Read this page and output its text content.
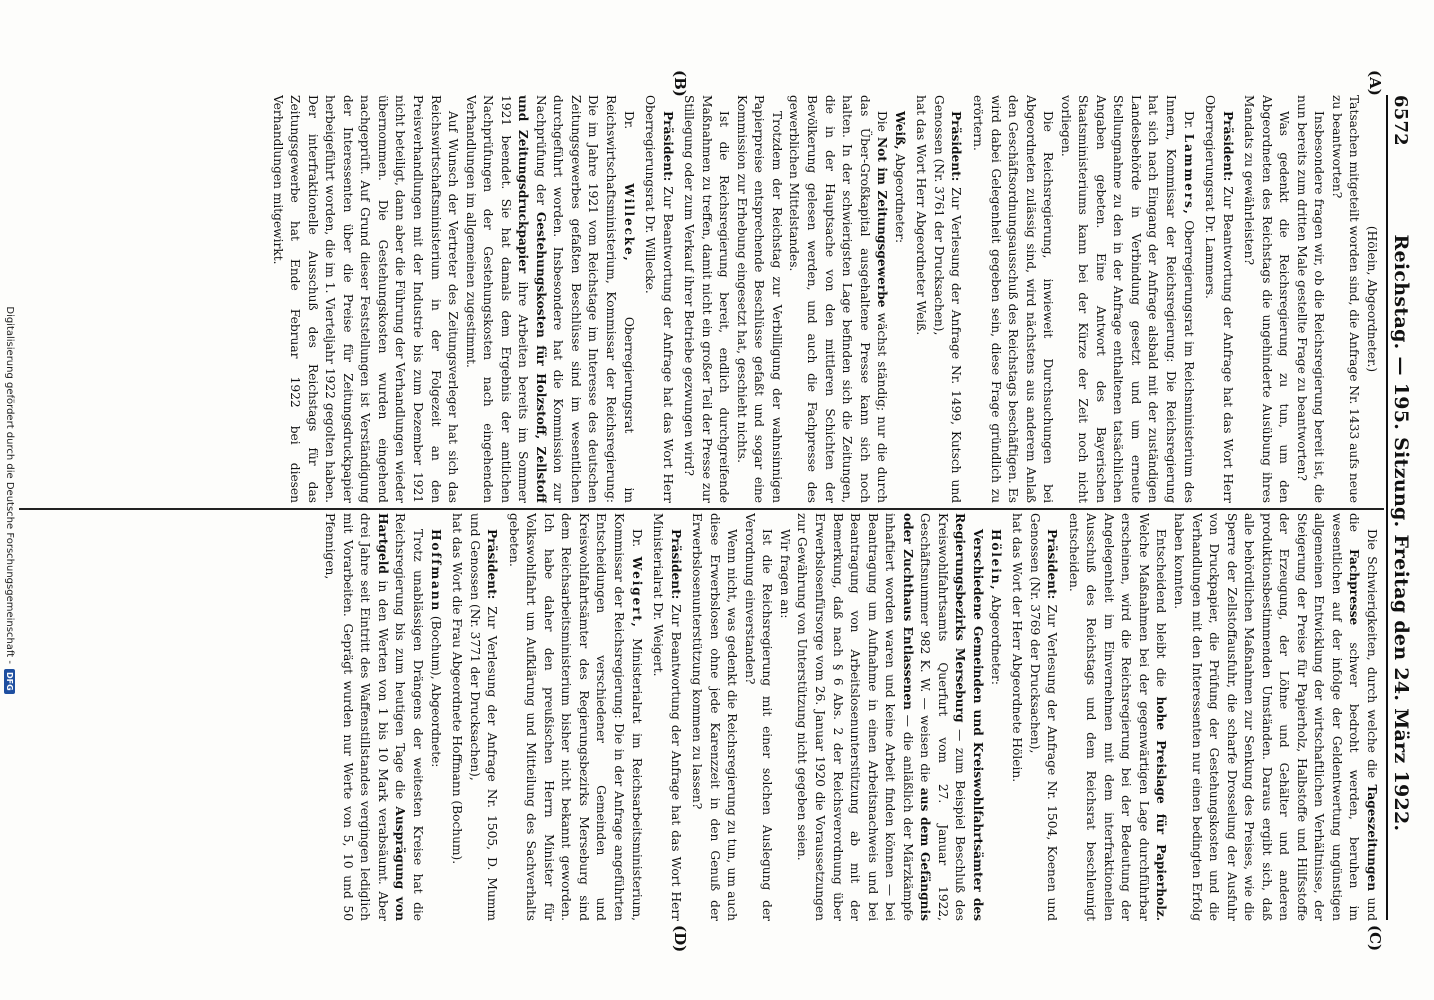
6572
Reichstag. — 195. Sitzung. Freitag den 24. März 1922.
(A)
(B)
(C)
(D)

(Hölein, Abgeordneter.)

Tatsachen mitgeteilt worden sind, die Anfrage Nr. 1433 aufs neue zu beantworten?

Insbesondere fragen wir, ob die Reichsregierung bereit ist, die nun bereits zum dritten Male gestellte Frage zu beantworten?

Was gedenkt die Reichsregierung zu tun, um den Abgeordneten des Reichstags die ungehinderte Ausübung ihres Mandats zu gewährleisten?

Präsident: Zur Beantwortung der Anfrage hat das Wort Herr Oberregierungsrat Dr. Lammers.

Dr. Lammers, Oberregierungsrat im Reichsministerium des Innern, Kommissar der Reichsregierung: Die Reichsregierung hat sich nach Eingang der Anfrage alsbald mit der zuständigen Landesbehörde in Verbindung gesetzt und um erneute Stellungnahme zu den in der Anfrage enthaltenen tatsächlichen Angaben gebeten. Eine Antwort des Bayerischen Staatsministeriums kann bei der Kürze der Zeit noch nicht vorliegen.

Die Reichsregierung, inwieweit Durchsuchungen bei Abgeordneten zulässig sind, wird nächstens aus anderem Anlaß den Geschäftsordnungsausschuß des Reichstags beschäftigen. Es wird dabei Gelegenheit gegeben sein, diese Frage gründlich zu erörtern.

Präsident: Zur Verlesung der Anfrage Nr. 1499, Kutsch und Genossen (Nr. 3761 der Drucksachen),

hat das Wort Herr Abgeordneter Weiß.

Weiß, Abgeordneter:

Die Not im Zeitungsgewerbe wächst ständig; nur die durch das Über-Großkapital ausgehaltene Presse kann sich noch halten. In der schwierigsten Lage befinden sich die Zeitungen, die in der Hauptsache von den mittleren Schichten der Bevölkerung gelesen werden, und auch die Fachpresse des gewerblichen Mittelstandes.

Trotzdem der Reichstag zur Verbilligung der wahnsinnigen Papierpreise entsprechende Beschlüsse gefaßt und sogar eine Kommission zur Erhebung eingesetzt hat, geschieht nichts.

Ist die Reichsregierung bereit, endlich durchgreifende Maßnahmen zu treffen, damit nicht ein großer Teil der Presse zur Stillegung oder zum Verkauf ihrer Betriebe gezwungen wird?

Präsident: Zur Beantwortung der Anfrage hat das Wort Herr Oberregierungsrat Dr. Willecke.

Dr. Willecke, Oberregierungsrat im Reichswirtschaftsministerium, Kommissar der Reichsregierung: Die im Jahre 1921 vom Reichstage im Interesse des deutschen Zeitungsgewerbes gefaßten Beschlüsse sind im wesentlichen durchgeführt worden. Insbesondere hat die Kommission zur Nachprüfung der Gestehungskosten für Holzstoff, Zellstoff und Zeitungsdruckpapier ihre Arbeiten bereits im Sommer 1921 beendet. Sie hat damals dem Ergebnis der amtlichen Nachprüfungen der Gestehungskosten nach eingehenden Verhandlungen im allgemeinen zugestimmt.

Auf Wunsch der Vertreter des Zeitungsverleger hat sich das Reichswirtschaftsministerium in der Folgezeit an den Preisverhandlungen mit der Industrie bis zum Dezember 1921 nicht beteiligt, dann aber die Führung der Verhandlungen wieder übernommen. Die Gestehungskosten wurden eingehend nachgeprüft. Auf Grund dieser Feststellungen ist Verständigung der Interessenten über die Preise für Zeitungsdruckpapier herbeigeführt worden, die im 1. Vierteljahr 1922 gegolten haben. Der interfraktionelle Ausschuß des Reichstags für das Zeitungsgewerbe hat Ende Februar 1922 bei diesen Verhandlungen mitgewirkt.

Die Schwierigkeiten, durch welche die Tageszeitungen und die Fachpresse schwer bedroht werden, beruhen im wesentlichen auf der infolge der Geldentwertung ungünstigen allgemeinen Entwicklung der wirtschaftlichen Verhältnisse, der Steigerung der Preise für Papierholz, Halbstoffe und Hilfsstoffe der Erzeugung, der Löhne und Gehälter und anderen produktionsbestimmenden Umständen. Daraus ergibt sich, daß alle behördlichen Maßnahmen zur Senkung des Preises, wie die Sperre der Zellstoffausfuhr, die scharfe Drosselung der Ausfuhr von Druckpapier, die Prüfung der Gestehungskosten und die Verhandlungen mit den Interessenten nur einen bedingten Erfolg haben konnten.

Entscheidend bleibt die hohe Preislage für Papierholz. Welche Maßnahmen bei der gegenwärtigen Lage durchführbar erscheinen, wird die Reichsregierung bei der Bedeutung der Angelegenheit im Einvernehmen mit dem interfraktionellen Ausschuß des Reichstags und dem Reichsrat beschleunigt entscheiden.

Präsident: Zur Verlesung der Anfrage Nr. 1504, Koenen und Genossen (Nr. 3769 der Drucksachen),

hat das Wort der Herr Abgeordnete Hölein.

Hölein, Abgeordneter:

Verschiedene Gemeinden und Kreiswohlfahrtsämter des Regierungsbezirks Merseburg — zum Beispiel Beschluß des Kreiswohlfahrtsamts Querfurt vom 27. Januar 1922, Geschäftsnummer 982 K. W. — weisen die aus dem Gefängnis oder Zuchthaus Entlassenen — die anläßlich der Märzkämpfe inhaftiert worden waren und keine Arbeit finden können — bei Beantragung um Aufnahme in einen Arbeitsnachweis und bei Beantragung von Arbeitslosenunterstützung ab mit der Bemerkung, daß nach § 6 Abs. 2 der Reichsverordnung über Erwerbslosenfürsorge vom 26. Januar 1920 die Voraussetzungen zur Gewährung von Unterstützung nicht gegeben seien.

Wir fragen an:

Ist die Reichsregierung mit einer solchen Auslegung der Verordnung einverstanden?

Wenn nicht, was gedenkt die Reichsregierung zu tun, um auch diese Erwerbslosen ohne jede Karenzzeit in den Genuß der Erwerbslosenunterstützung kommen zu lassen?

Präsident: Zur Beantwortung der Anfrage hat das Wort Herr Ministerialrat Dr. Weigert.

Dr. Weigert, Ministerialrat im Reichsarbeitsministerium, Kommissar der Reichsregierung: Die in der Anfrage angeführten Entscheidungen verschiedener Gemeinden und Kreiswohlfahrtsämter des Regierungsbezirks Merseburg sind dem Reichsarbeitsministerium bisher nicht bekannt geworden. Ich habe daher den preußischen Herrn Minister für Volkswohlfahrt um Aufklärung und Mitteilung des Sachverhalts gebeten.

Präsident: Zur Verlesung der Anfrage Nr. 1505, D. Mumm und Genossen (Nr. 3771 der Drucksachen),

hat das Wort die Frau Abgeordnete Hoffmann (Bochum).

Hoffmann (Bochum), Abgeordnete:

Trotz unablässigen Drängens der weitesten Kreise hat die Reichsregierung bis zum heutigen Tage die Ausprägung von Hartgeld in den Werten von 1 bis 10 Mark verabsäumt. Aber drei Jahre seit Eintritt des Waffenstillstandes vergingen lediglich mit Vorarbeiten. Geprägt wurden nur Werte von 5, 10 und 50 Pfennigen,

Digitalisierung gefördert durch die Deutsche Forschungsgemeinschaft -
DFG
